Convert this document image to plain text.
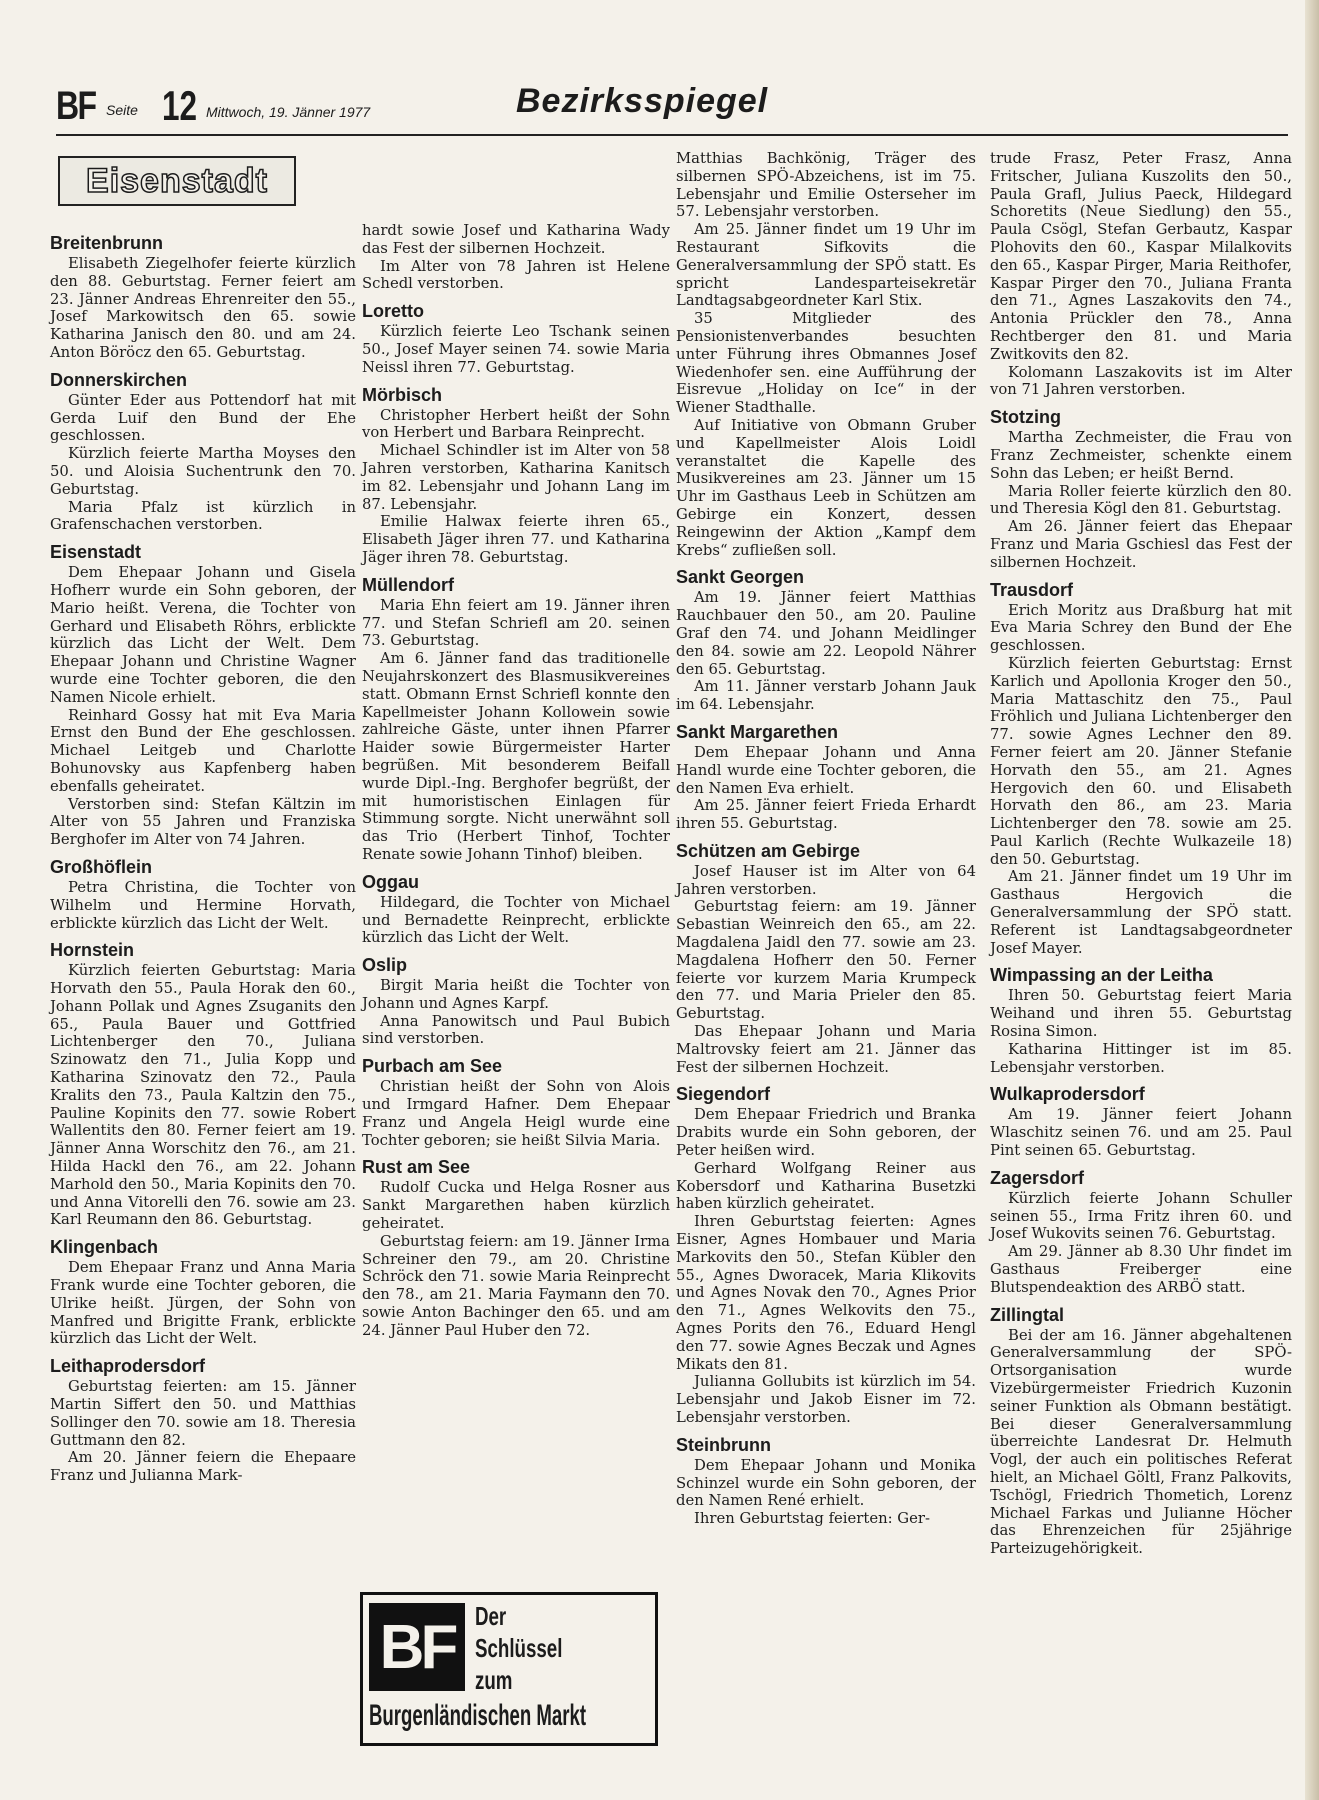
BF Seite 12 Mittwoch, 19. Jänner 1977	Bezirksspiegel
Eisenstadt
Breitenbrunn

Elisabeth Ziegelhofer feierte kürzlich den 88. Geburtstag. Ferner feiert am 23. Jänner Andreas Ehrenreiter den 55., Josef Markowitsch den 65. sowie Katharina Janisch den 80. und am 24. Anton Böröcz den 65. Geburtstag.

Donnerskirchen

Günter Eder aus Pottendorf hat mit Gerda Luif den Bund der Ehe geschlossen.

Kürzlich feierte Martha Moyses den 50. und Aloisia Suchentrunk den 70. Geburtstag.

Maria Pfalz ist kürzlich in Grafenschachen verstorben.

Eisenstadt

Dem Ehepaar Johann und Gisela Hofherr wurde ein Sohn geboren, der Mario heißt. Verena, die Tochter von Gerhard und Elisabeth Röhrs, erblickte kürzlich das Licht der Welt. Dem Ehepaar Johann und Christine Wagner wurde eine Tochter geboren, die den Namen Nicole erhielt.

Reinhard Gossy hat mit Eva Maria Ernst den Bund der Ehe geschlossen. Michael Leitgeb und Charlotte Bohunovsky aus Kapfenberg haben ebenfalls geheiratet.

Verstorben sind: Stefan Kältzin im Alter von 55 Jahren und Franziska Berghofer im Alter von 74 Jahren.

Großhöflein

Petra Christina, die Tochter von Wilhelm und Hermine Horvath, erblickte kürzlich das Licht der Welt.

Hornstein

Kürzlich feierten Geburtstag: Maria Horvath den 55., Paula Horak den 60., Johann Pollak und Agnes Zsuganits den 65., Paula Bauer und Gottfried Lichtenberger den 70., Juliana Szinowatz den 71., Julia Kopp und Katharina Szinovatz den 72., Paula Kralits den 73., Paula Kaltzin den 75., Pauline Kopinits den 77. sowie Robert Wallentits den 80. Ferner feiert am 19. Jänner Anna Worschitz den 76., am 21. Hilda Hackl den 76., am 22. Johann Marhold den 50., Maria Kopinits den 70. und Anna Vitorelli den 76. sowie am 23. Karl Reumann den 86. Geburtstag.

Klingenbach

Dem Ehepaar Franz und Anna Maria Frank wurde eine Tochter geboren, die Ulrike heißt. Jürgen, der Sohn von Manfred und Brigitte Frank, erblickte kürzlich das Licht der Welt.

Leithaprodersdorf

Geburtstag feierten: am 15. Jänner Martin Siffert den 50. und Matthias Sollinger den 70. sowie am 18. Theresia Guttmann den 82.

Am 20. Jänner feiern die Ehepaare Franz und Julianna Mark-

hardt sowie Josef und Katharina Wady das Fest der silbernen Hochzeit.

Im Alter von 78 Jahren ist Helene Schedl verstorben.

Loretto

Kürzlich feierte Leo Tschank seinen 50., Josef Mayer seinen 74. sowie Maria Neissl ihren 77. Geburtstag.

Mörbisch

Christopher Herbert heißt der Sohn von Herbert und Barbara Reinprecht.

Michael Schindler ist im Alter von 58 Jahren verstorben, Katharina Kanitsch im 82. Lebensjahr und Johann Lang im 87. Lebensjahr.

Emilie Halwax feierte ihren 65., Elisabeth Jäger ihren 77. und Katharina Jäger ihren 78. Geburtstag.

Müllendorf

Maria Ehn feiert am 19. Jänner ihren 77. und Stefan Schriefl am 20. seinen 73. Geburtstag.

Am 6. Jänner fand das traditionelle Neujahrskonzert des Blasmusikvereines statt. Obmann Ernst Schriefl konnte den Kapellmeister Johann Kollowein sowie zahlreiche Gäste, unter ihnen Pfarrer Haider sowie Bürgermeister Harter begrüßen. Mit besonderem Beifall wurde Dipl.-Ing. Berghofer begrüßt, der mit humoristischen Einlagen für Stimmung sorgte. Nicht unerwähnt soll das Trio (Herbert Tinhof, Tochter Renate sowie Johann Tinhof) bleiben.

Oggau

Hildegard, die Tochter von Michael und Bernadette Reinprecht, erblickte kürzlich das Licht der Welt.

Oslip

Birgit Maria heißt die Tochter von Johann und Agnes Karpf.

Anna Panowitsch und Paul Bubich sind verstorben.

Purbach am See

Christian heißt der Sohn von Alois und Irmgard Hafner. Dem Ehepaar Franz und Angela Heigl wurde eine Tochter geboren; sie heißt Silvia Maria.

Rust am See

Rudolf Cucka und Helga Rosner aus Sankt Margarethen haben kürzlich geheiratet.

Geburtstag feiern: am 19. Jänner Irma Schreiner den 79., am 20. Christine Schröck den 71. sowie Maria Reinprecht den 78., am 21. Maria Faymann den 70. sowie Anton Bachinger den 65. und am 24. Jänner Paul Huber den 72.

Matthias Bachkönig, Träger des silbernen SPÖ-Abzeichens, ist im 75. Lebensjahr und Emilie Osterseher im 57. Lebensjahr verstorben.

Am 25. Jänner findet um 19 Uhr im Restaurant Sifkovits die Generalversammlung der SPÖ statt. Es spricht Landesparteisekretär Landtagsabgeordneter Karl Stix.

35 Mitglieder des Pensionistenverbandes besuchten unter Führung ihres Obmannes Josef Wiedenhofer sen. eine Aufführung der Eisrevue „Holiday on Ice“ in der Wiener Stadthalle.

Auf Initiative von Obmann Gruber und Kapellmeister Alois Loidl veranstaltet die Kapelle des Musikvereines am 23. Jänner um 15 Uhr im Gasthaus Leeb in Schützen am Gebirge ein Konzert, dessen Reingewinn der Aktion „Kampf dem Krebs“ zufließen soll.

Sankt Georgen

Am 19. Jänner feiert Matthias Rauchbauer den 50., am 20. Pauline Graf den 74. und Johann Meidlinger den 84. sowie am 22. Leopold Nährer den 65. Geburtstag.

Am 11. Jänner verstarb Johann Jauk im 64. Lebensjahr.

Sankt Margarethen

Dem Ehepaar Johann und Anna Handl wurde eine Tochter geboren, die den Namen Eva erhielt.

Am 25. Jänner feiert Frieda Erhardt ihren 55. Geburtstag.

Schützen am Gebirge

Josef Hauser ist im Alter von 64 Jahren verstorben.

Geburtstag feiern: am 19. Jänner Sebastian Weinreich den 65., am 22. Magdalena Jaidl den 77. sowie am 23. Magdalena Hofherr den 50. Ferner feierte vor kurzem Maria Krumpeck den 77. und Maria Prieler den 85. Geburtstag.

Das Ehepaar Johann und Maria Maltrovsky feiert am 21. Jänner das Fest der silbernen Hochzeit.

Siegendorf

Dem Ehepaar Friedrich und Branka Drabits wurde ein Sohn geboren, der Peter heißen wird.

Gerhard Wolfgang Reiner aus Kobersdorf und Katharina Busetzki haben kürzlich geheiratet.

Ihren Geburtstag feierten: Agnes Eisner, Agnes Hombauer und Maria Markovits den 50., Stefan Kübler den 55., Agnes Dworacek, Maria Klikovits und Agnes Novak den 70., Agnes Prior den 71., Agnes Welkovits den 75., Agnes Porits den 76., Eduard Hengl den 77. sowie Agnes Beczak und Agnes Mikats den 81.

Julianna Gollubits ist kürzlich im 54. Lebensjahr und Jakob Eisner im 72. Lebensjahr verstorben.

Steinbrunn

Dem Ehepaar Johann und Monika Schinzel wurde ein Sohn geboren, der den Namen René erhielt.

Ihren Geburtstag feierten: Ger-

trude Frasz, Peter Frasz, Anna Fritscher, Juliana Kuszolits den 50., Paula Grafl, Julius Paeck, Hildegard Schoretits (Neue Siedlung) den 55., Paula Csögl, Stefan Gerbautz, Kaspar Plohovits den 60., Kaspar Milalkovits den 65., Kaspar Pirger, Maria Reithofer, Kaspar Pirger den 70., Juliana Franta den 71., Agnes Laszakovits den 74., Antonia Prückler den 78., Anna Rechtberger den 81. und Maria Zwitkovits den 82.

Kolomann Laszakovits ist im Alter von 71 Jahren verstorben.

Stotzing

Martha Zechmeister, die Frau von Franz Zechmeister, schenkte einem Sohn das Leben; er heißt Bernd.

Maria Roller feierte kürzlich den 80. und Theresia Kögl den 81. Geburtstag.

Am 26. Jänner feiert das Ehepaar Franz und Maria Gschiesl das Fest der silbernen Hochzeit.

Trausdorf

Erich Moritz aus Draßburg hat mit Eva Maria Schrey den Bund der Ehe geschlossen.

Kürzlich feierten Geburtstag: Ernst Karlich und Apollonia Kroger den 50., Maria Mattaschitz den 75., Paul Fröhlich und Juliana Lichtenberger den 77. sowie Agnes Lechner den 89. Ferner feiert am 20. Jänner Stefanie Horvath den 55., am 21. Agnes Hergovich den 60. und Elisabeth Horvath den 86., am 23. Maria Lichtenberger den 78. sowie am 25. Paul Karlich (Rechte Wulkazeile 18) den 50. Geburtstag.

Am 21. Jänner findet um 19 Uhr im Gasthaus Hergovich die Generalversammlung der SPÖ statt. Referent ist Landtagsabgeordneter Josef Mayer.

Wimpassing an der Leitha

Ihren 50. Geburtstag feiert Maria Weihand und ihren 55. Geburtstag Rosina Simon.

Katharina Hittinger ist im 85. Lebensjahr verstorben.

Wulkaprodersdorf

Am 19. Jänner feiert Johann Wlaschitz seinen 76. und am 25. Paul Pint seinen 65. Geburtstag.

Zagersdorf

Kürzlich feierte Johann Schuller seinen 55., Irma Fritz ihren 60. und Josef Wukovits seinen 76. Geburtstag.

Am 29. Jänner ab 8.30 Uhr findet im Gasthaus Freiberger eine Blutspendeaktion des ARBÖ statt.

Zillingtal

Bei der am 16. Jänner abgehaltenen Generalversammlung der SPÖ-Ortsorganisation wurde Vizebürgermeister Friedrich Kuzonin seiner Funktion als Obmann bestätigt. Bei dieser Generalversammlung überreichte Landesrat Dr. Helmuth Vogl, der auch ein politisches Referat hielt, an Michael Göltl, Franz Palkovits, Tschögl, Friedrich Thometich, Lorenz Michael Farkas und Julianne Höcher das Ehrenzeichen für 25jährige Parteizugehörigkeit.

BF Der
Schlüssel
zum
Burgenländischen Markt
